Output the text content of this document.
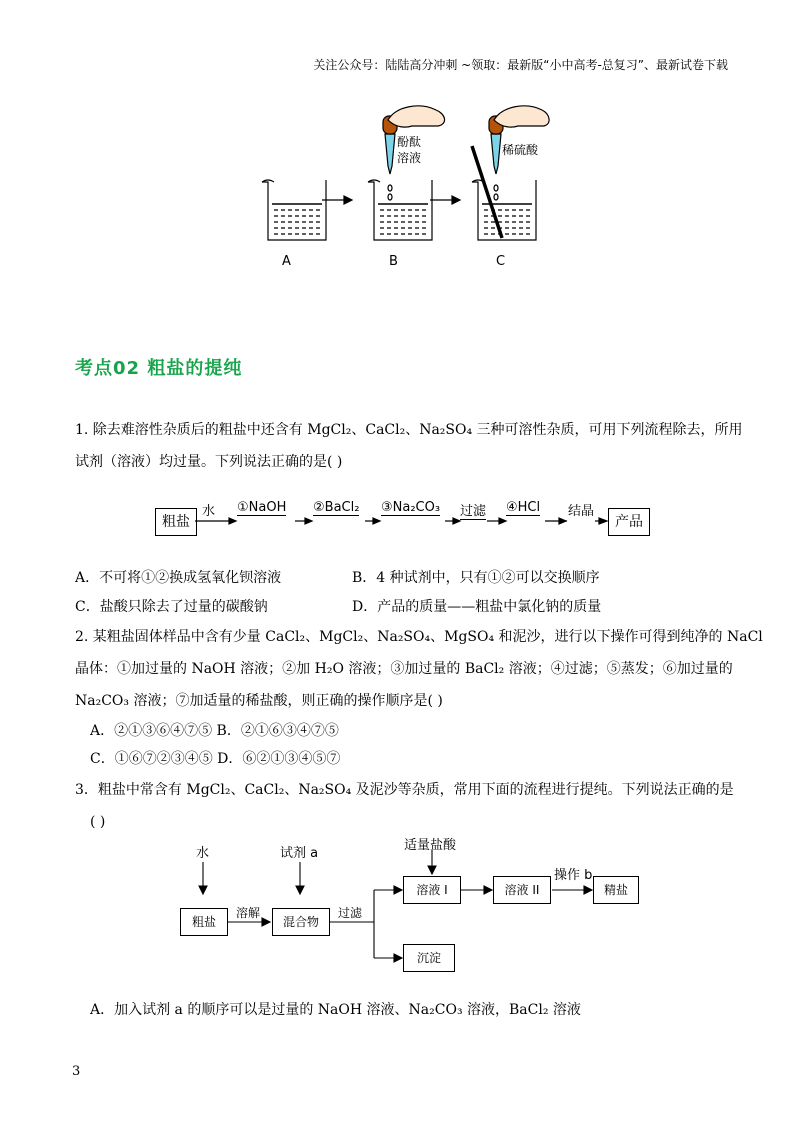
关注公众号：陆陆高分冲刺 ~领取：最新版“小中高考-总复习”、最新试卷下载
酚酞
溶液
稀硫酸
A	B	C
考点02 粗盐的提纯
1. 除去难溶性杂质后的粗盐中还含有 MgCl₂、CaCl₂、Na₂SO₄ 三种可溶性杂质，可用下列流程除去，所用
试剂（溶液）均过量。下列说法正确的是( )
粗盐	产品
水 ①NaOH ②BaCl₂ ③Na₂CO₃ 过滤 ④HCl 结晶
A．不可将①②换成氢氧化钡溶液	B．4 种试剂中，只有①②可以交换顺序
C．盐酸只除去了过量的碳酸钠	D．产品的质量——粗盐中氯化钠的质量
2. 某粗盐固体样品中含有少量 CaCl₂、MgCl₂、Na₂SO₄、MgSO₄ 和泥沙，进行以下操作可得到纯净的 NaCl
晶体：①加过量的 NaOH 溶液；②加 H₂O 溶液；③加过量的 BaCl₂ 溶液；④过滤；⑤蒸发；⑥加过量的
Na₂CO₃ 溶液；⑦加适量的稀盐酸，则正确的操作顺序是( )
A．②①③⑥④⑦⑤ B．②①⑥③④⑦⑤
C．①⑥⑦②③④⑤ D．⑥②①③④⑤⑦
3．粗盐中常含有 MgCl₂、CaCl₂、Na₂SO₄ 及泥沙等杂质，常用下面的流程进行提纯。下列说法正确的是
( )
水
粗盐
溶解
试剂 a
混合物
过滤
适量盐酸
溶液 I	溶液 II
操作 b
精盐
沉淀
A．加入试剂 a 的顺序可以是过量的 NaOH 溶液、Na₂CO₃ 溶液，BaCl₂ 溶液
3
